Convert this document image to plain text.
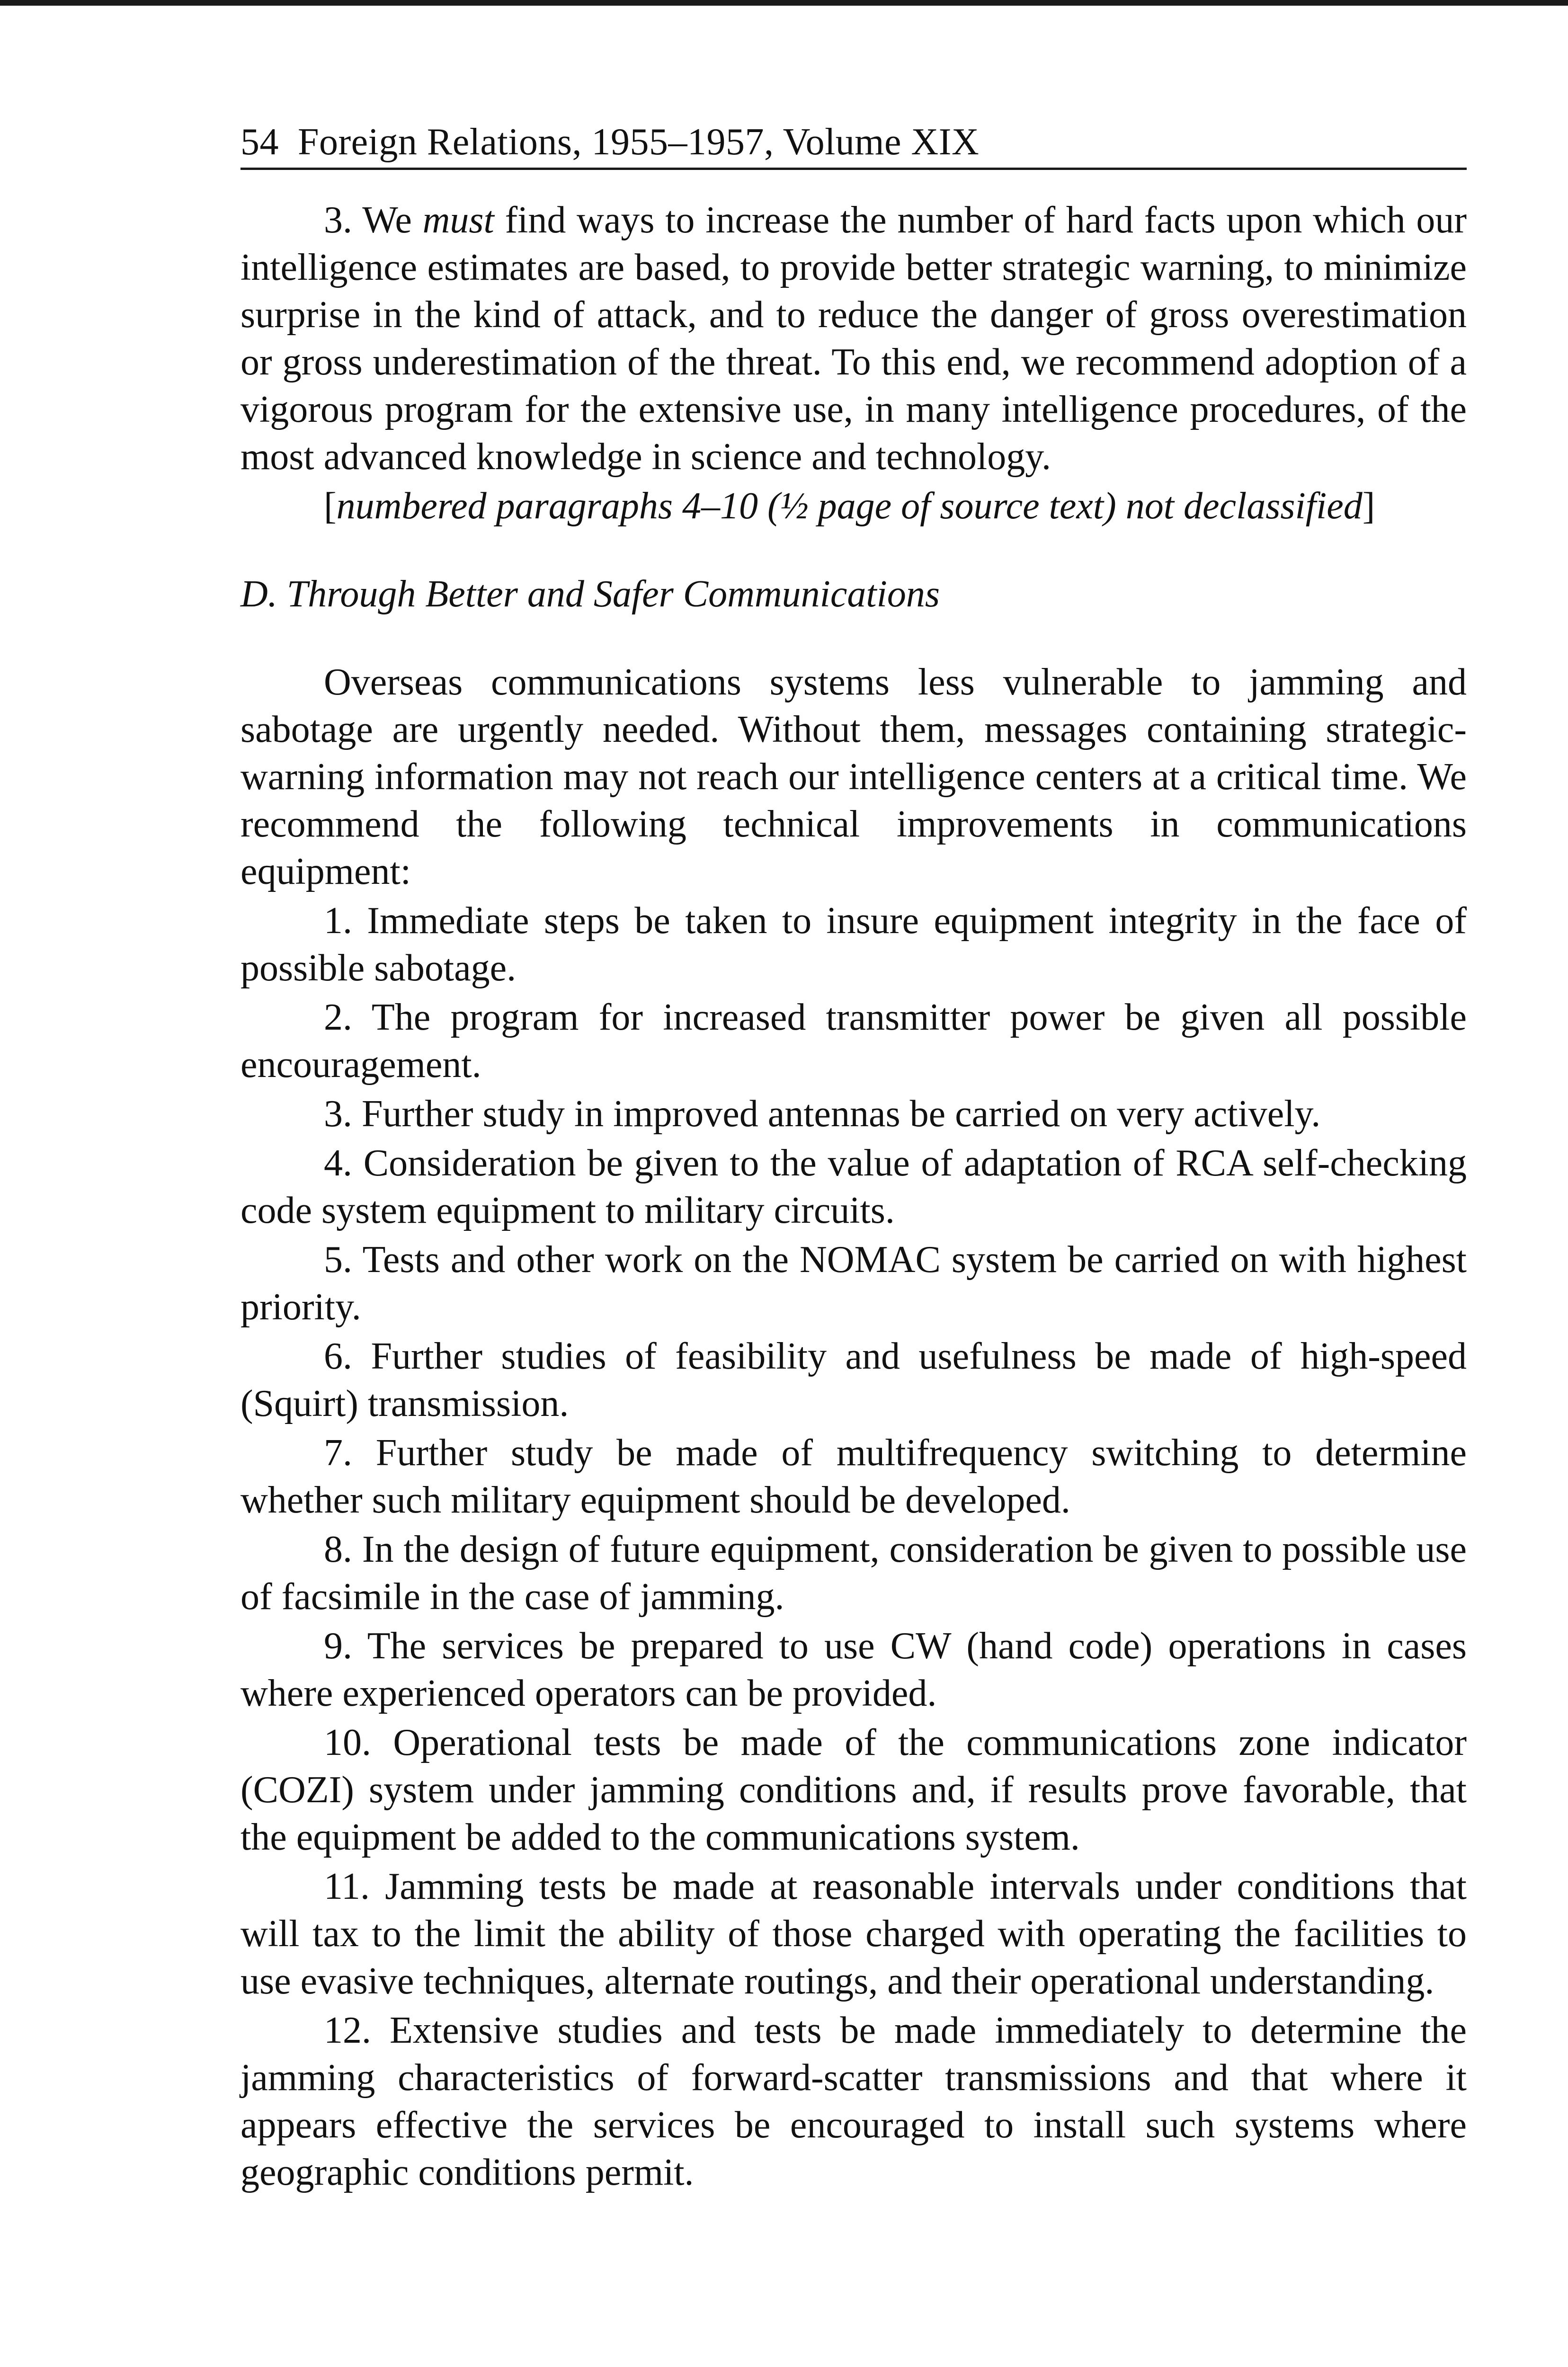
54 Foreign Relations, 1955–1957, Volume XIX

3. We must find ways to increase the number of hard facts upon which our intelligence estimates are based, to provide better strategic warning, to minimize surprise in the kind of attack, and to reduce the danger of gross overestimation or gross underestimation of the threat. To this end, we recommend adoption of a vigorous program for the extensive use, in many intelligence procedures, of the most advanced knowledge in science and technology.

[numbered paragraphs 4–10 (½ page of source text) not declassified]

D. Through Better and Safer Communications

Overseas communications systems less vulnerable to jamming and sabotage are urgently needed. Without them, messages containing strategic-warning information may not reach our intelligence centers at a critical time. We recommend the following technical improvements in communications equipment:

1. Immediate steps be taken to insure equipment integrity in the face of possible sabotage.

2. The program for increased transmitter power be given all possible encouragement.

3. Further study in improved antennas be carried on very actively.

4. Consideration be given to the value of adaptation of RCA self-checking code system equipment to military circuits.

5. Tests and other work on the NOMAC system be carried on with highest priority.

6. Further studies of feasibility and usefulness be made of high-speed (Squirt) transmission.

7. Further study be made of multifrequency switching to determine whether such military equipment should be developed.

8. In the design of future equipment, consideration be given to possible use of facsimile in the case of jamming.

9. The services be prepared to use CW (hand code) operations in cases where experienced operators can be provided.

10. Operational tests be made of the communications zone indicator (COZI) system under jamming conditions and, if results prove favorable, that the equipment be added to the communications system.

11. Jamming tests be made at reasonable intervals under conditions that will tax to the limit the ability of those charged with operating the facilities to use evasive techniques, alternate routings, and their operational understanding.

12. Extensive studies and tests be made immediately to determine the jamming characteristics of forward-scatter transmissions and that where it appears effective the services be encouraged to install such systems where geographic conditions permit.
